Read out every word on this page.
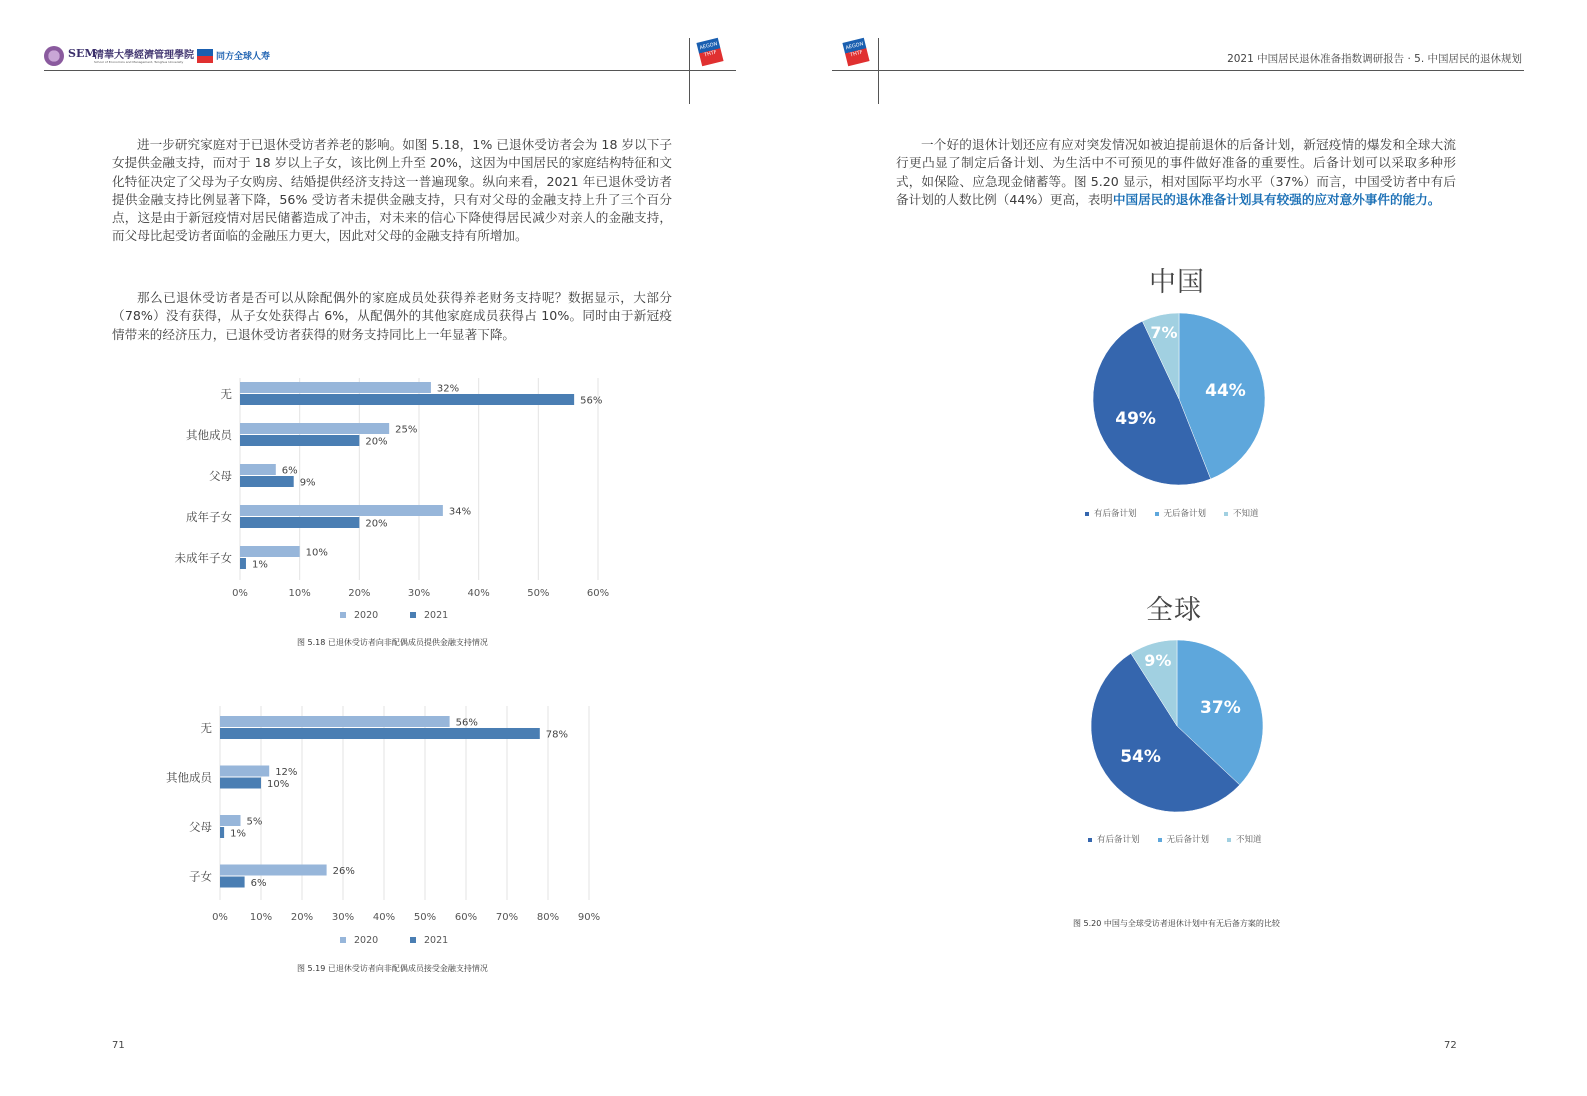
SEM
清華大學經濟管理學院
School of Economics and Management, Tsinghua University	同方全球人寿
AEGON THTF
AEGON THTF	2021 中国居民退休准备指数调研报告 · 5. 中国居民的退休规划
进一步研究家庭对于已退休受访者养老的影响。如图 5.18，1% 已退休受访者会为 18 岁以下子女提供金融支持，而对于 18 岁以上子女，该比例上升至 20%，这因为中国居民的家庭结构特征和文化特征决定了父母为子女购房、结婚提供经济支持这一普遍现象。纵向来看，2021 年已退休受访者提供金融支持比例显著下降，56% 受访者未提供金融支持，只有对父母的金融支持上升了三个百分点，这是由于新冠疫情对居民储蓄造成了冲击，对未来的信心下降使得居民减少对亲人的金融支持，而父母比起受访者面临的金融压力更大，因此对父母的金融支持有所增加。
那么已退休受访者是否可以从除配偶外的家庭成员处获得养老财务支持呢？数据显示，大部分（78%）没有获得，从子女处获得占 6%，从配偶外的其他家庭成员获得占 10%。同时由于新冠疫情带来的经济压力，已退休受访者获得的财务支持同比上一年显著下降。
0%	10%	20%	30%	40%	50%	60%
无	32%
56%
其他成员	25%
20%
父母	6%
9%
成年子女	34%
20%
未成年子女	10%
1%
2020	2021
图 5.18 已退休受访者向非配偶成员提供金融支持情况
0% 10% 20% 30% 40% 50% 60% 70% 80% 90%
无	56%
78%
其他成员	12%
10%
父母	5%
1%
子女	26%
6%
2020	2021
图 5.19 已退休受访者向非配偶成员接受金融支持情况
71
一个好的退休计划还应有应对突发情况如被迫提前退休的后备计划，新冠疫情的爆发和全球大流行更凸显了制定后备计划、为生活中不可预见的事件做好准备的重要性。后备计划可以采取多种形式，如保险、应急现金储蓄等。图 5.20 显示，相对国际平均水平（37%）而言，中国受访者中有后备计划的人数比例（44%）更高，表明中国居民的退休准备计划具有较强的应对意外事件的能力。
中国
44%
49%
7%
有后备计划	无后备计划	不知道
全球
37%
54%
9%
有后备计划	无后备计划	不知道
图 5.20 中国与全球受访者退休计划中有无后备方案的比较
72
